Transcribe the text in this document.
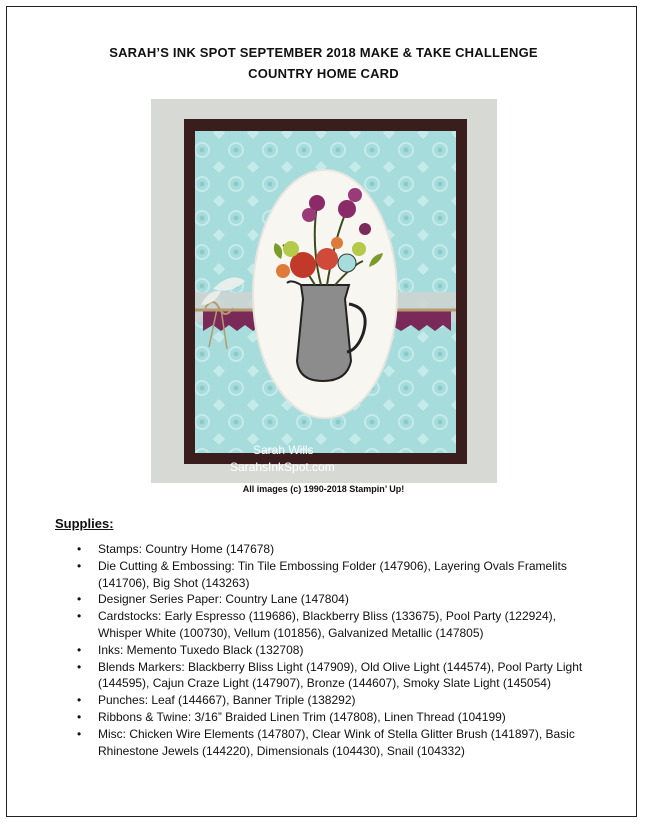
SARAH’S INK SPOT SEPTEMBER 2018 MAKE & TAKE CHALLENGE
COUNTRY HOME CARD
Sarah Wills
SarahsInkSpot.com
All images (c) 1990-2018 Stampin’ Up!
Supplies:
• Stamps: Country Home (147678)
• Die Cutting & Embossing: Tin Tile Embossing Folder (147906), Layering Ovals Framelits (141706), Big Shot (143263)
• Designer Series Paper: Country Lane (147804)
• Cardstocks: Early Espresso (119686), Blackberry Bliss (133675), Pool Party (122924), Whisper White (100730), Vellum (101856), Galvanized Metallic (147805)
• Inks: Memento Tuxedo Black (132708)
• Blends Markers: Blackberry Bliss Light (147909), Old Olive Light (144574), Pool Party Light (144595), Cajun Craze Light (147907), Bronze (144607), Smoky Slate Light (145054)
• Punches: Leaf (144667), Banner Triple (138292)
• Ribbons & Twine: 3/16” Braided Linen Trim (147808), Linen Thread (104199)
• Misc: Chicken Wire Elements (147807), Clear Wink of Stella Glitter Brush (141897), Basic Rhinestone Jewels (144220), Dimensionals (104430), Snail (104332)
